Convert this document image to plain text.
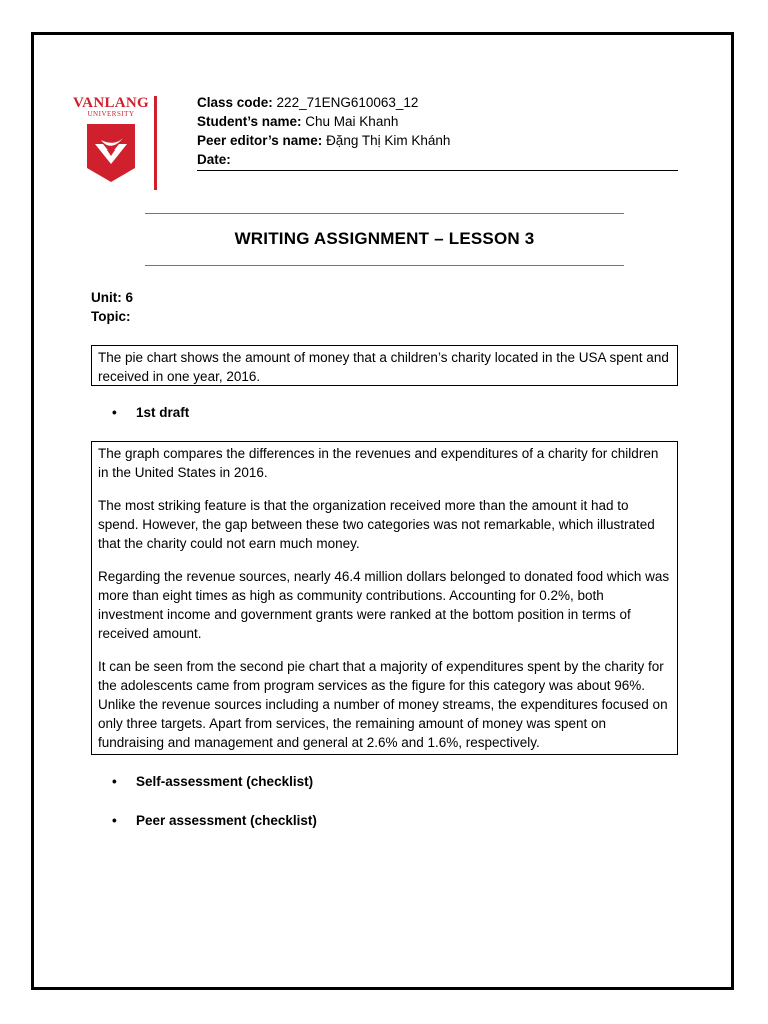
VANLANG
UNIVERSITY
Class code: 222_71ENG610063_12
Student’s name: Chu Mai Khanh
Peer editor’s name: Đặng Thị Kim Khánh
Date:
WRITING ASSIGNMENT – LESSON 3
Unit: 6
Topic:

The pie chart shows the amount of money that a children’s charity located in the USA spent and received in one year, 2016.

• 1st draft

The graph compares the differences in the revenues and expenditures of a charity for children in the United States in 2016.

The most striking feature is that the organization received more than the amount it had to spend. However, the gap between these two categories was not remarkable, which illustrated that the charity could not earn much money.

Regarding the revenue sources, nearly 46.4 million dollars belonged to donated food which was more than eight times as high as community contributions. Accounting for 0.2%, both investment income and government grants were ranked at the bottom position in terms of received amount.

It can be seen from the second pie chart that a majority of expenditures spent by the charity for the adolescents came from program services as the figure for this category was about 96%. Unlike the revenue sources including a number of money streams, the expenditures focused on only three targets. Apart from services, the remaining amount of money was spent on fundraising and management and general at 2.6% and 1.6%, respectively.

• Self-assessment (checklist)
• Peer assessment (checklist)
